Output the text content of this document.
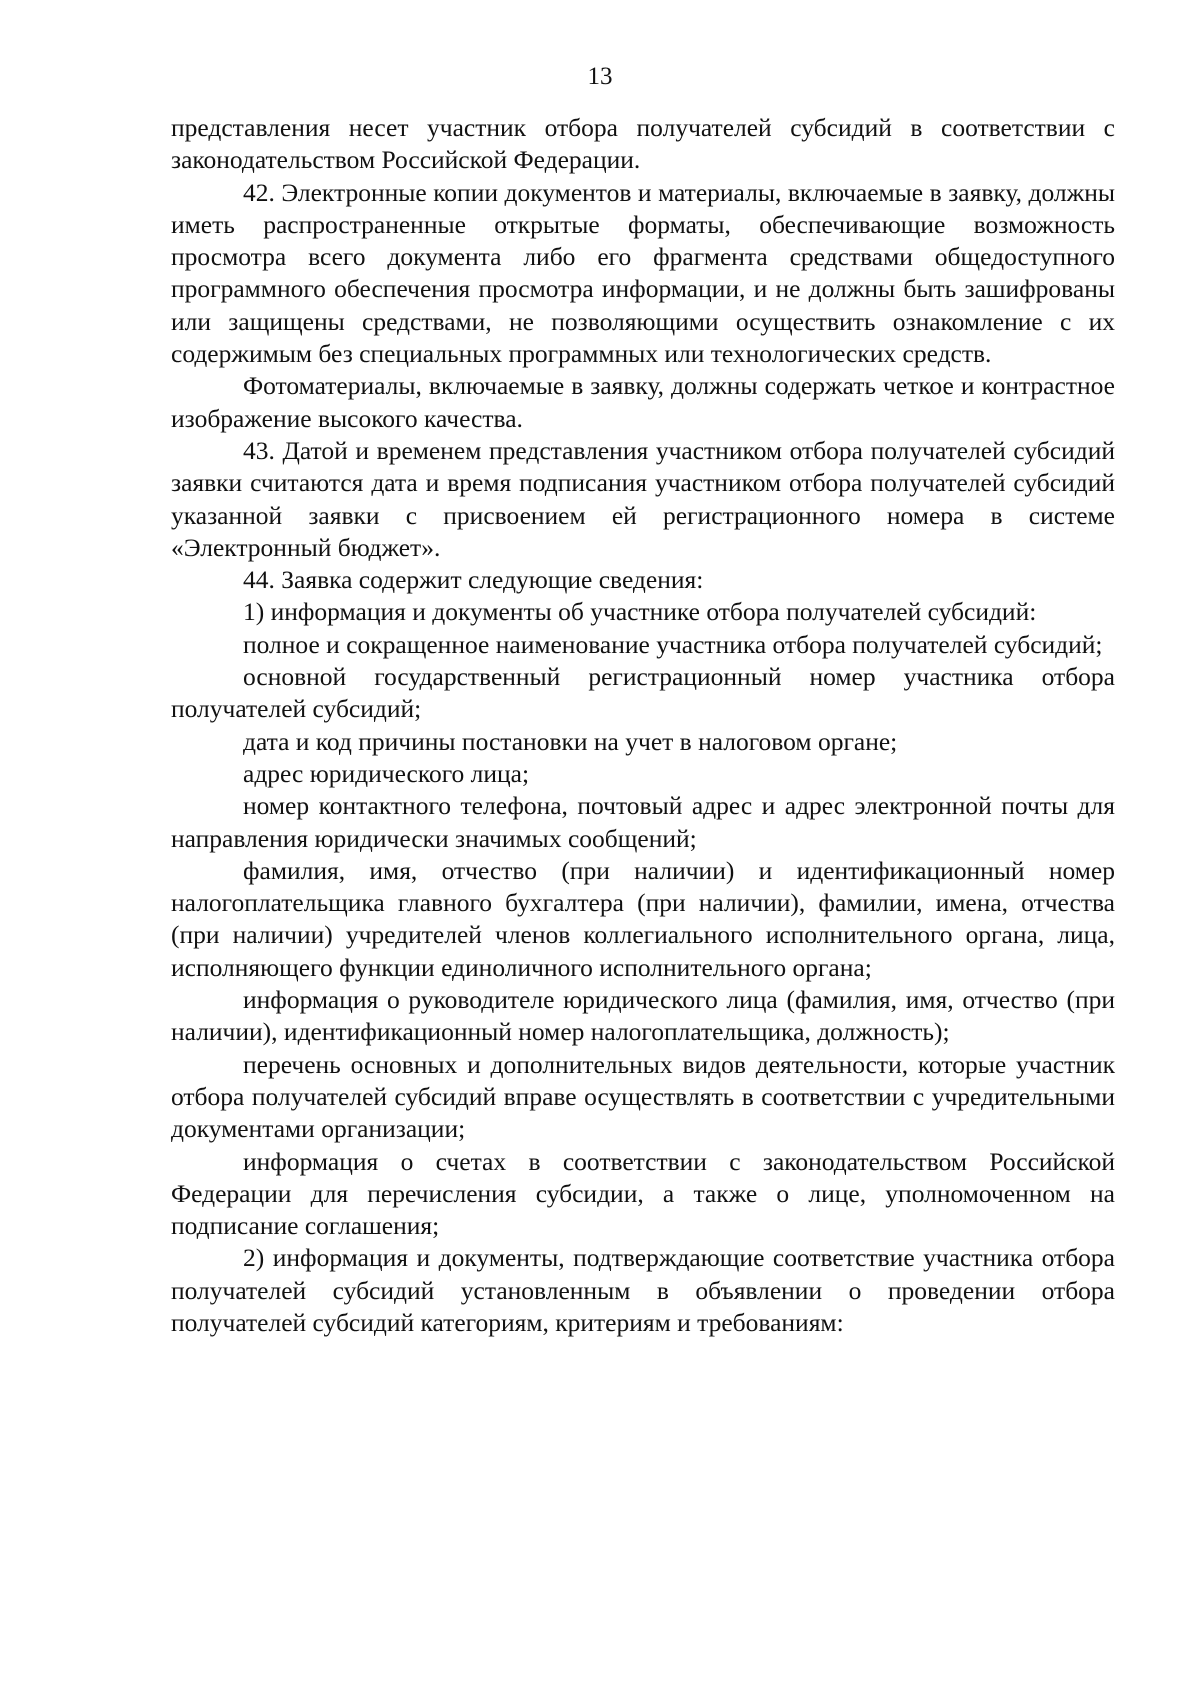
13

представления несет участник отбора получателей субсидий в соответствии с законодательством Российской Федерации.

42. Электронные копии документов и материалы, включаемые в заявку, должны иметь распространенные открытые форматы, обеспечивающие возможность просмотра всего документа либо его фрагмента средствами общедоступного программного обеспечения просмотра информации, и не должны быть зашифрованы или защищены средствами, не позволяющими осуществить ознакомление с их содержимым без специальных программных или технологических средств.

Фотоматериалы, включаемые в заявку, должны содержать четкое и контрастное изображение высокого качества.

43. Датой и временем представления участником отбора получателей субсидий заявки считаются дата и время подписания участником отбора получателей субсидий указанной заявки с присвоением ей регистрационного номера в системе «Электронный бюджет».

44. Заявка содержит следующие сведения:

1) информация и документы об участнике отбора получателей субсидий:

полное и сокращенное наименование участника отбора получателей субсидий;

основной государственный регистрационный номер участника отбора получателей субсидий;

дата и код причины постановки на учет в налоговом органе;

адрес юридического лица;

номер контактного телефона, почтовый адрес и адрес электронной почты для направления юридически значимых сообщений;

фамилия, имя, отчество (при наличии) и идентификационный номер налогоплательщика главного бухгалтера (при наличии), фамилии, имена, отчества (при наличии) учредителей членов коллегиального исполнительного органа, лица, исполняющего функции единоличного исполнительного органа;

информация о руководителе юридического лица (фамилия, имя, отчество (при наличии), идентификационный номер налогоплательщика, должность);

перечень основных и дополнительных видов деятельности, которые участник отбора получателей субсидий вправе осуществлять в соответствии с учредительными документами организации;

информация о счетах в соответствии с законодательством Российской Федерации для перечисления субсидии, а также о лице, уполномоченном на подписание соглашения;

2) информация и документы, подтверждающие соответствие участника отбора получателей субсидий установленным в объявлении о проведении отбора получателей субсидий категориям, критериям и требованиям:
